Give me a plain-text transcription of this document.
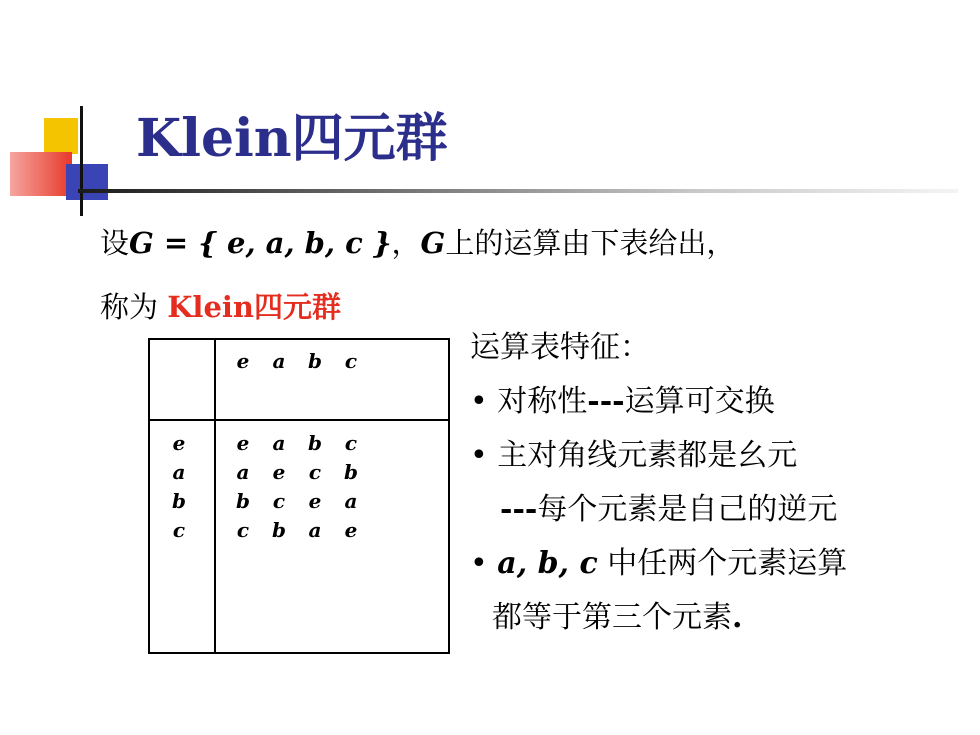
Klein四元群
设G = { e, a, b, c }，G上的运算由下表给出，
称为 Klein四元群
e a b c
e
a
b
c
e a b c
a e c b
b c e a
c b a e
运算表特征：
• 对称性---运算可交换
• 主对角线元素都是幺元
---每个元素是自己的逆元
• a, b, c 中任两个元素运算
都等于第三个元素.
